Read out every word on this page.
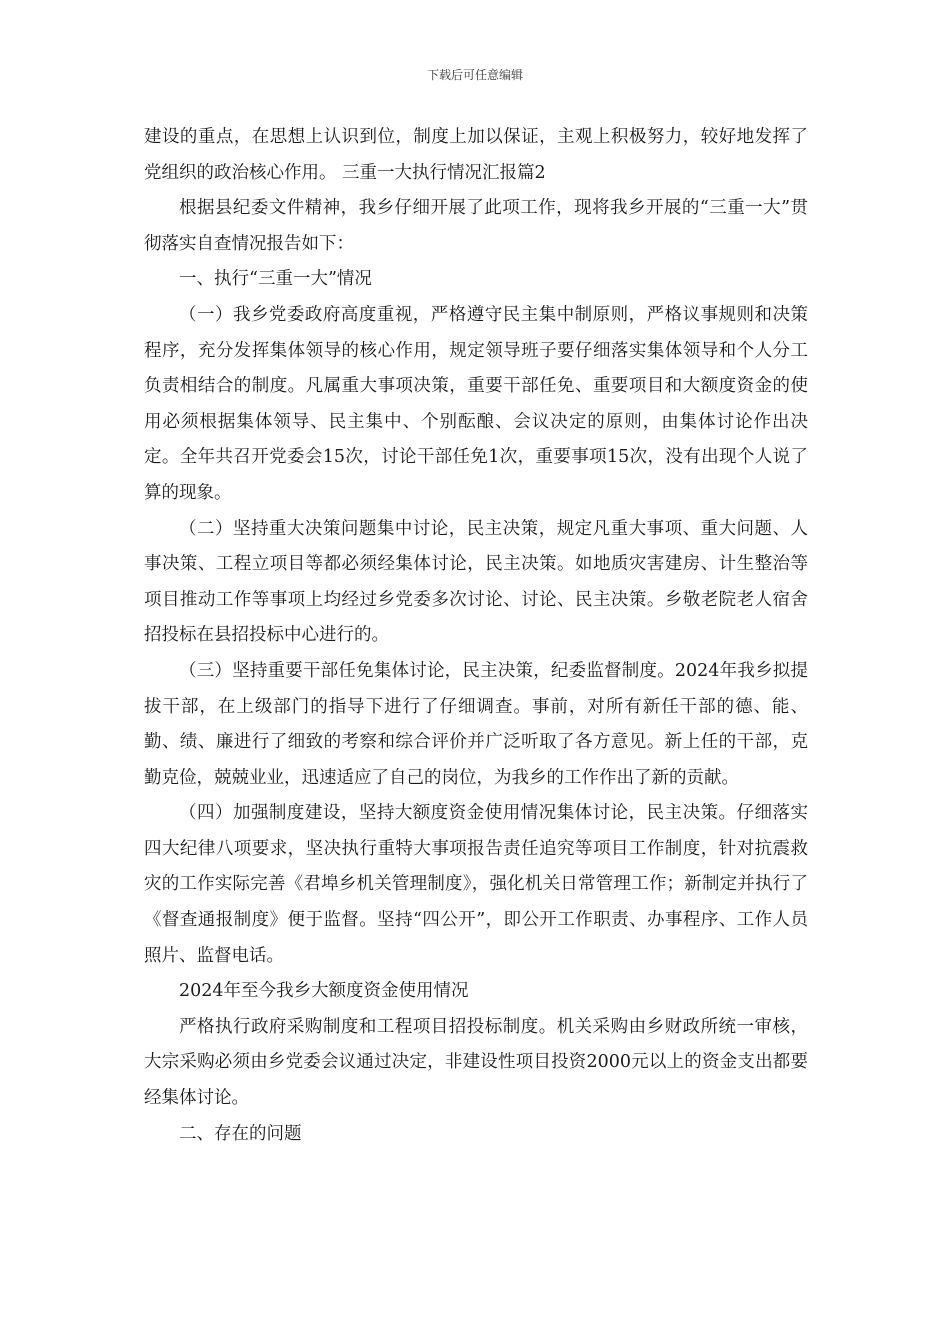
下载后可任意编辑

建设的重点，在思想上认识到位，制度上加以保证，主观上积极努力，较好地发挥了党组织的政治核心作用。 三重一大执行情况汇报篇2

根据县纪委文件精神，我乡仔细开展了此项工作，现将我乡开展的“三重一大”贯彻落实自查情况报告如下：

一、执行“三重一大”情况

（一）我乡党委政府高度重视，严格遵守民主集中制原则，严格议事规则和决策程序，充分发挥集体领导的核心作用，规定领导班子要仔细落实集体领导和个人分工负责相结合的制度。凡属重大事项决策，重要干部任免、重要项目和大额度资金的使用必须根据集体领导、民主集中、个别酝酿、会议决定的原则，由集体讨论作出决定。全年共召开党委会15次，讨论干部任免1次，重要事项15次，没有出现个人说了算的现象。

（二）坚持重大决策问题集中讨论，民主决策，规定凡重大事项、重大问题、人事决策、工程立项目等都必须经集体讨论，民主决策。如地质灾害建房、计生整治等项目推动工作等事项上均经过乡党委多次讨论、讨论、民主决策。乡敬老院老人宿舍招投标在县招投标中心进行的。

（三）坚持重要干部任免集体讨论，民主决策，纪委监督制度。2024年我乡拟提拔干部，在上级部门的指导下进行了仔细调查。事前，对所有新任干部的德、能、勤、绩、廉进行了细致的考察和综合评价并广泛听取了各方意见。新上任的干部，克勤克俭，兢兢业业，迅速适应了自己的岗位，为我乡的工作作出了新的贡献。

（四）加强制度建设，坚持大额度资金使用情况集体讨论，民主决策。仔细落实四大纪律八项要求，坚决执行重特大事项报告责任追究等项目工作制度，针对抗震救灾的工作实际完善《君埠乡机关管理制度》，强化机关日常管理工作；新制定并执行了《督查通报制度》便于监督。坚持“四公开”，即公开工作职责、办事程序、工作人员照片、监督电话。

2024年至今我乡大额度资金使用情况

严格执行政府采购制度和工程项目招投标制度。机关采购由乡财政所统一审核，大宗采购必须由乡党委会议通过决定，非建设性项目投资2000元以上的资金支出都要经集体讨论。

二、存在的问题
